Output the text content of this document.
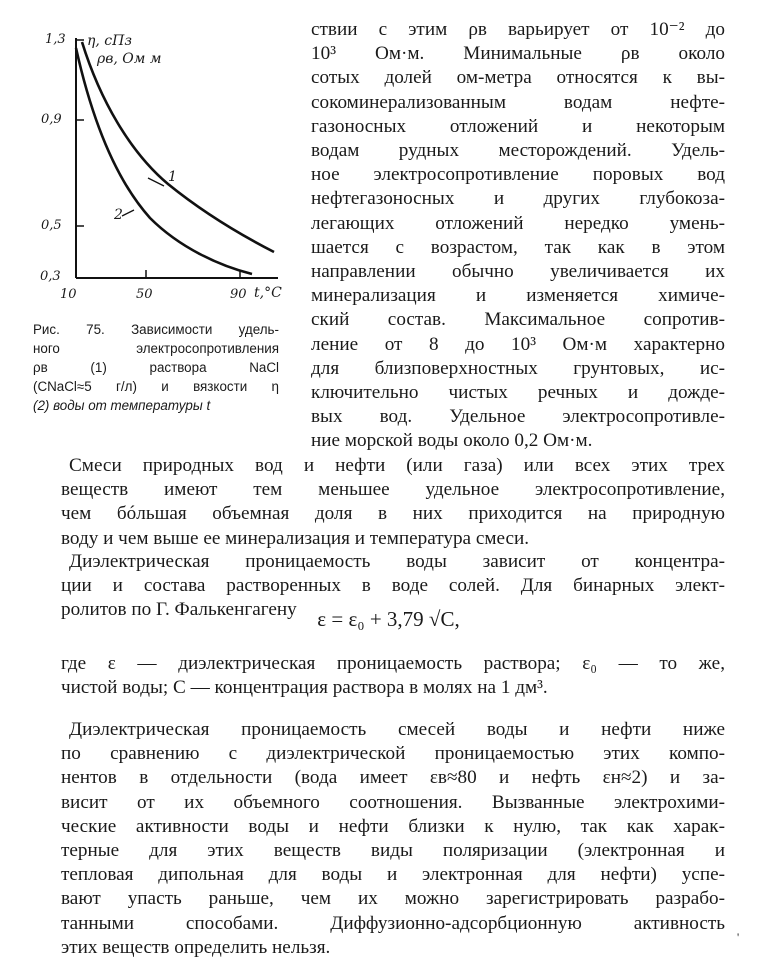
η, сПз
ρв, Ом м
1,3
0,9
0,5
0,3
10	50	90 t,°C
1
2
Рис. 75. Зависимости удель-
ного электросопротивления
ρв (1) раствора NaCl
(CNaCl≈5 г/л) и вязкости η
(2) воды от температуры t
ствии с этим ρв варьирует от 10⁻² до
10³ Ом·м. Минимальные ρв около
сотых долей ом-метра относятся к вы-
сокоминерализованным водам нефте-
газоносных отложений и некоторым
водам рудных месторождений. Удель-
ное электросопротивление поровых вод
нефтегазоносных и других глубокоза-
легающих отложений нередко умень-
шается с возрастом, так как в этом
направлении обычно увеличивается их
минерализация и изменяется химиче-
ский состав. Максимальное сопротив-
ление от 8 до 10³ Ом·м характерно
для близповерхностных грунтовых, ис-
ключительно чистых речных и дожде-
вых вод. Удельное электросопротивле-
ние морской воды около 0,2 Ом·м.
Смеси природных вод и нефти (или газа) или всех этих трех
веществ имеют тем меньшее удельное электросопротивление,
чем бóльшая объемная доля в них приходится на природную
воду и чем выше ее минерализация и температура смеси.
Диэлектрическая проницаемость воды зависит от концентра-
ции и состава растворенных в воде солей. Для бинарных элект-
ролитов по Г. Фалькенгагену ε = ε₀ + 3,79 √C,
где ε — диэлектрическая проницаемость раствора; ε₀ — то же,
чистой воды; C — концентрация раствора в молях на 1 дм³.
Диэлектрическая проницаемость смесей воды и нефти ниже
по сравнению с диэлектрической проницаемостью этих компо-
нентов в отдельности (вода имеет εв≈80 и нефть εн≈2) и за-
висит от их объемного соотношения. Вызванные электрохими-
ческие активности воды и нефти близки к нулю, так как харак-
терные для этих веществ виды поляризации (электронная и
тепловая дипольная для воды и электронная для нефти) успе-
вают упасть раньше, чем их можно зарегистрировать разрабо-
танными способами. Диффузионно-адсорбционную активность
этих веществ определить нельзя.	'
